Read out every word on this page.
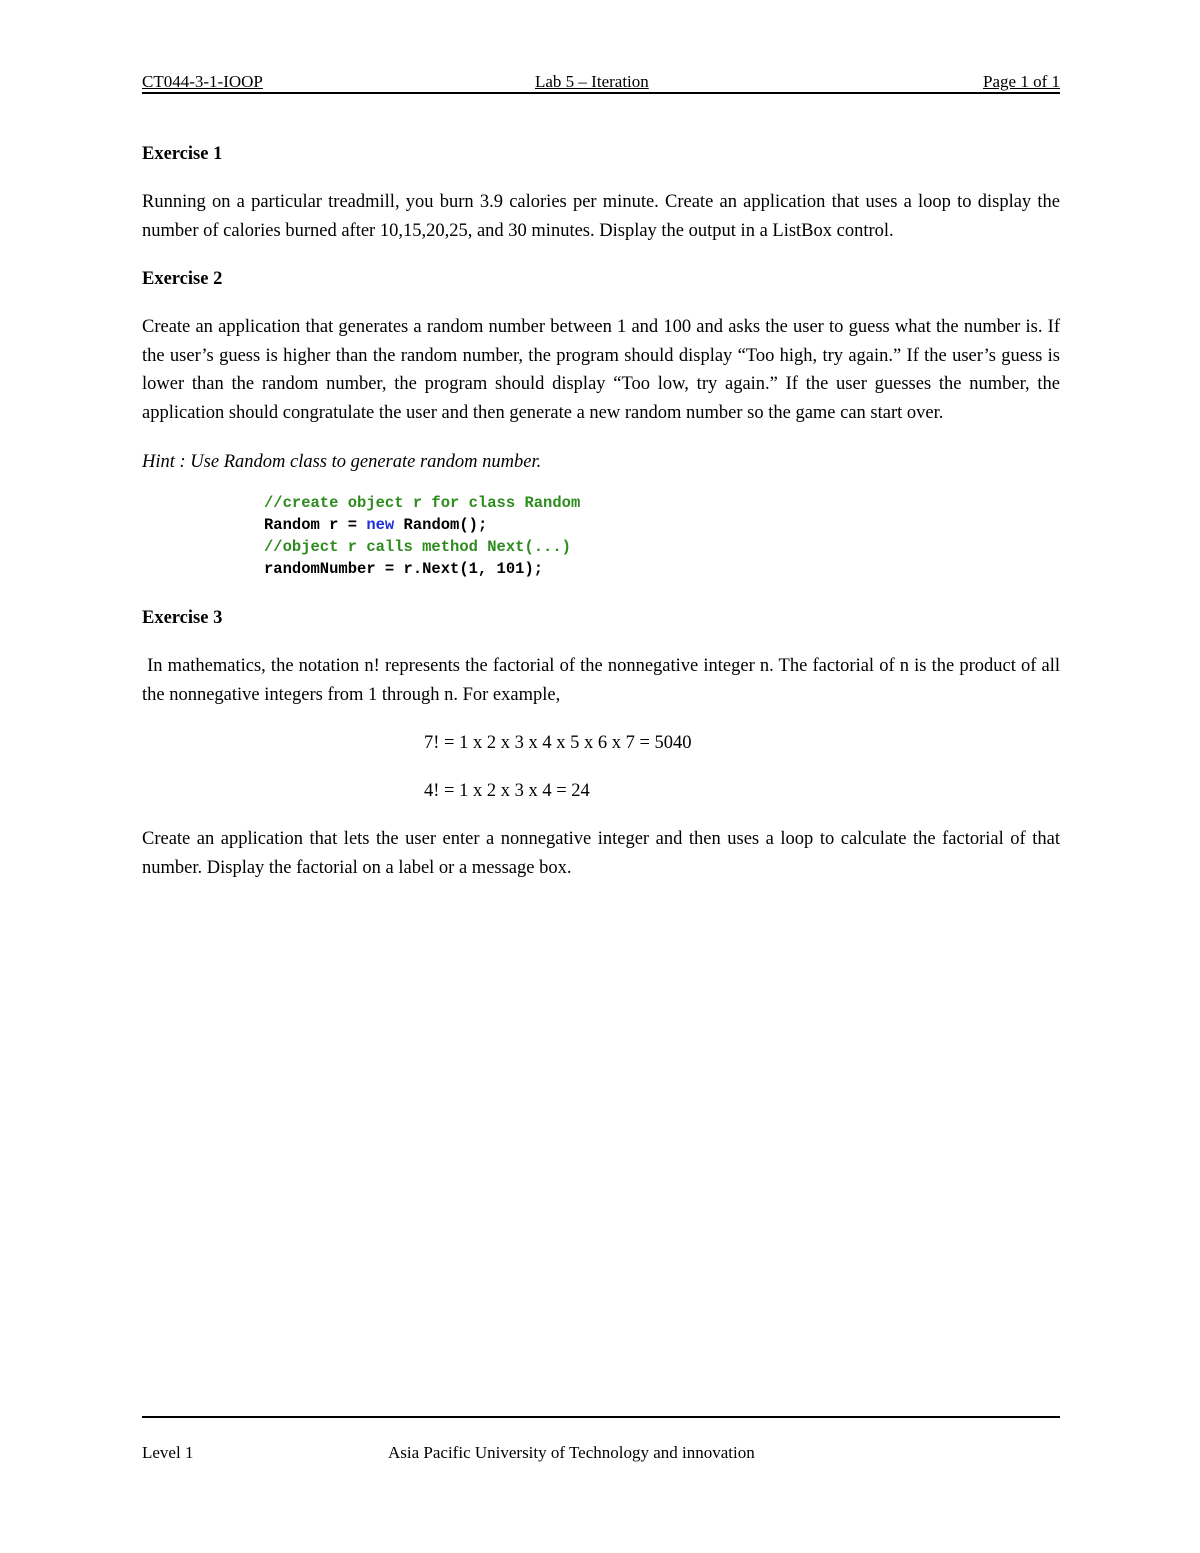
CT044-3-1-IOOP	Lab 5 – Iteration	Page 1 of 1
Exercise 1

Running on a particular treadmill, you burn 3.9 calories per minute. Create an application that uses a loop to display the number of calories burned after 10,15,20,25, and 30 minutes. Display the output in a ListBox control.

Exercise 2

Create an application that generates a random number between 1 and 100 and asks the user to guess what the number is. If the user’s guess is higher than the random number, the program should display “Too high, try again.” If the user’s guess is lower than the random number, the program should display “Too low, try again.” If the user guesses the number, the application should congratulate the user and then generate a new random number so the game can start over.

Hint : Use Random class to generate random number.

//create object r for class Random
Random r = new Random();
//object r calls method Next(...)
randomNumber = r.Next(1, 101);
Exercise 3

In mathematics, the notation n! represents the factorial of the nonnegative integer n. The factorial of n is the product of all the nonnegative integers from 1 through n. For example,

7! = 1 x 2 x 3 x 4 x 5 x 6 x 7 = 5040
4! = 1 x 2 x 3 x 4 = 24

Create an application that lets the user enter a nonnegative integer and then uses a loop to calculate the factorial of that number. Display the factorial on a label or a message box.

Level 1	Asia Pacific University of Technology and innovation
